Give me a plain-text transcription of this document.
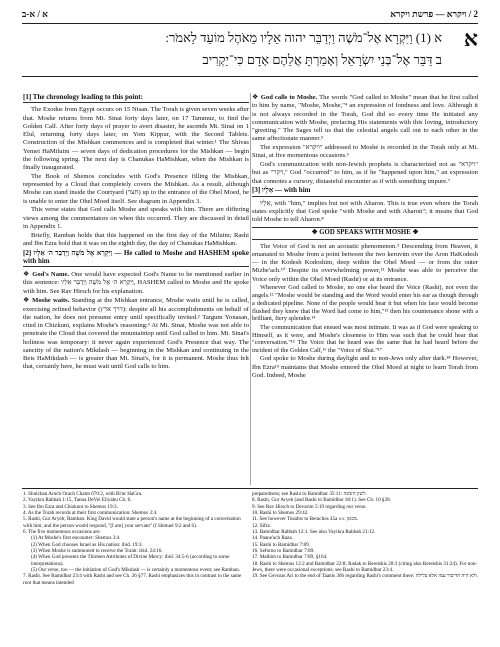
א / א-ב	2 / ויקרא — פרשת ויקרא
א
א (1) וַיִּקְרָא אֶל־מֹשֶׁה וַיְדַבֵּר יהוה אֵלָיו מֵאֹהֶל מוֹעֵד לֵאמֹר:
ב דַּבֵּר אֶל־בְּנֵי יִשְׂרָאֵל וְאָמַרְתָּ אֲלֵהֶם אָדָם כִּי־יַקְרִיב
[1] The chronology leading to this point:

The Exodus from Egypt occurs on 15 Nisan. The Torah is given seven weeks after that. Moshe returns from Mt. Sinai forty days later, on 17 Tammuz, to find the Golden Calf. After forty days of prayer to avert disaster, he ascends Mt. Sinai on 1 Elul, returning forty days later, on Yom Kippur, with the Second Tablets. Construction of the Mishkan commences and is completed that winter.¹ The Shivas Yemei HaMiluim — seven days of dedication procedures for the Mishkan — begin the following spring. The next day is Chanukas HaMishkan, when the Mishkan is finally inaugurated.

The Book of Shemos concludes with God's Presence filling the Mishkan, represented by a Cloud that completely covers the Mishkan. As a result, although Moshe can stand inside the Courtyard (חצר) up to the entrance of the Ohel Moed, he is unable to enter the Ohel Moed itself. See diagram in Appendix 3.

This verse states that God calls Moshe and speaks with him. There are differing views among the commentators on when this occurred. They are discussed in detail in Appendix 1.

Briefly, Ramban holds that this happened on the first day of the Miluim; Rashi and Ibn Ezra hold that it was on the eighth day, the day of Chanukas HaMishkan.

[2] וַיִּקְרָא אֶל מֹשֶׁה וַיְדַבֵּר ה׳ אֵלָיו — He called to Moshe and HASHEM spoke with him

❖ God's Name. One would have expected God's Name to be mentioned earlier in this sentence: וַיִּקְרָא ה׳ אֶל מֹשֶׁה וַיְדַבֵּר אֵלָיו, HASHEM called to Moshe and He spoke with him. See Rav Hirsch for his explanation.

❖ Moshe waits. Standing at the Mishkan entrance, Moshe waits until he is called, exercising refined behavior (דרך ארץ): despite all his accomplishments on behalf of the nation, he does not presume entry until specifically invited.² Targum Yonasan, cited in Chizkuni, explains Moshe's reasoning:³ At Mt. Sinai, Moshe was not able to penetrate the Cloud that covered the mountaintop until God called to him. Mt. Sinai's holiness was temporary: it never again experienced God's Presence that way. The sanctity of the nation's Mikdash — beginning in the Mishkan and continuing in the Beis HaMikdash — is greater than Mt. Sinai's, for it is permanent. Moshe thus felt that, certainly here, he must wait until God calls to him.

❖ God calls to Moshe. The words "God called to Moshe" mean that he first called to him by name, "Moshe, Moshe,"⁴ an expression of fondness and love. Although it is not always recorded in the Torah, God did so every time He initiated any communication with Moshe, prefacing His statements with this loving, introductory "greeting." The Sages tell us that the celestial angels call out to each other in the same affectionate manner.⁵

The expression "ויקרא" addressed to Moshe is recorded in the Torah only at Mt. Sinai, at five momentous occasions.⁶

God's communication with non-Jewish prophets is characterized not as "ויקרא" but as "ויקר," God "occurred" to him, as if he "happened upon him," an expression that connotes a cursory, distasteful encounter as if with something impure.⁷

[3] אֵלָיו — with him

אֵלָיו, with "him," implies but not with Aharon. This is true even where the Torah states explicitly that God spoke "with Moshe and with Aharon"; it means that God told Moshe to tell Aharon.⁸

❖ GOD SPEAKS WITH MOSHE ❖

The Voice of God is not an acoustic phenomenon.⁹ Descending from Heaven, it emanated to Moshe from a point between the two keruvim over the Aron HaKodesh — in the Kodesh Kodoshim, deep within the Ohel Moed — or from the outer Mizbe'ach.¹⁰ Despite its overwhelming power,¹¹ Moshe was able to perceive the Voice only within the Ohel Moed (Rashi) or at its entrance.

Whenever God called to Moshe, no one else heard the Voice (Rashi), not even the angels.¹² "Moshe would be standing and the Word would enter his ear as though through a dedicated pipeline. None of the people would hear it but when his face would become flushed they knew that the Word had come to him,"¹³ then his countenance shone with a brilliant, fiery splendor.¹⁴

The communication that ensued was most intimate. It was as if God were speaking to Himself, as it were, and Moshe's closeness to Him was such that he could hear that "conversation."¹⁵ The Voice that he heard was the same that he had heard before the incident of the Golden Calf,¹⁶ the "Voice of Shai."¹⁷

God spoke to Moshe during daylight and to non-Jews only after dark.¹⁸ However, Ibn Ezra¹⁹ maintains that Moshe entered the Ohel Moed at night to learn Torah from God. Indeed, Moshe

1. Shulchan Aruch Orach Chaim 670:2, with Bi'ur HaGra.
2. Vayikra Rabbah 1:15, Tanna DeVei Eliyahu Ch. 6.
3. See Ibn Ezra and Chizkuni to Shemos 19:3.
4. As the Torah records at their first communication: Shemos 3:4.
5. Rashi, Gur Aryeh; Ramban. King David would state a person's name at the beginning of a conversation with him, and the person would respond, "[I am] your servant" (I Shmuel 9:2 and 6).
6. The five momentous occasions are:
(1) At Moshe's first encounter: Shemos 3:4.
(2) When God chooses Israel as His nation: ibid. 19:3.
(3) When Moshe is summoned to receive the Torah: ibid. 24:16.
(4) When God presents the Thirteen Attributes of Divine Mercy: ibid. 34:5-6 (according to some interpretations).
(5) Our verse, too — the initiation of God's Mikdash — is certainly a momentous event; see Ramban.
7. Rashi. See Bamidbar 23:4 with Rashi and see Ch. 26 §77. Rashi emphasizes this in contrast to the same root that means intended
preparedness; see Rashi to Bamidbar 35:11: לשון הזמנה.
8. Rashi, Gur Aryeh (and Rashi to Bamidbar 18:1). See Ch. 10 §28.
9. See Rav Hirsch to Devarim 5:19 regarding our verse.
10. Rashi to Shemos 29:42.
11. See however Tosafos to Berachos 45a s.v. מכאן.
12. Sifra.
13. Bamidbar Rabbah 12:1. See also Vayikra Rabbah 21:12.
14. Paane'ach Raza.
15. Rashi to Bamidbar 7:89.
16. Seforno to Bamidbar 7:89.
17. Malbim to Bamidbar 7:89, §164.
18. Rashi to Shemos 12:2 and Bamidbar 22:8; Radak to Bereishis 20:3 (citing also Bereishis 31:24). For non-Jews, there were occasional exceptions; see Rashi to Bamidbar 23:4.
19. See Gevuras Ari to the end of Taanis 30b regarding Rashi's comment there: ולא היה הדיבור עמו אלא בלילה.
